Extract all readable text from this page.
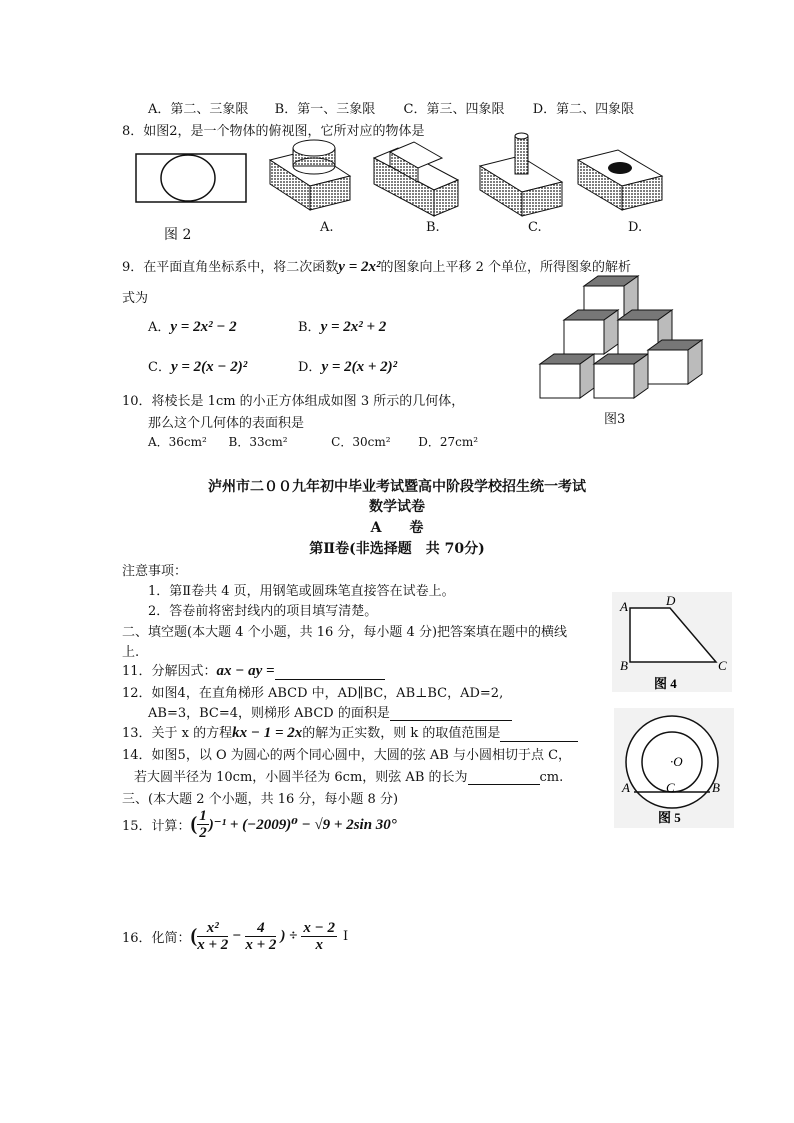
A．第二、三象限 B．第一、三象限 C．第三、四象限 D．第二、四象限
8．如图2，是一个物体的俯视图，它所对应的物体是
图 2	A.	B.	C.	D.
9．在平面直角坐标系中，将二次函数y = 2x²的图象向上平移 2 个单位，所得图象的解析
式为
A．y = 2x² − 2	B．y = 2x² + 2
C．y = 2(x − 2)²	D．y = 2(x + 2)²
图3
10．将棱长是 1cm 的小正方体组成如图 3 所示的几何体，
那么这个几何体的表面积是
A．36cm² B．33cm²	C．30cm² D．27cm²
泸州市二００九年初中毕业考试暨高中阶段学校招生统一考试
数学试卷
A　　卷
第Ⅱ卷(非选择题　共 70分)
注意事项：
1．第Ⅱ卷共 4 页，用钢笔或圆珠笔直接答在试卷上。
2．答卷前将密封线内的项目填写清楚。
二、填空题(本大题 4 个小题，共 16 分，每小题 4 分)把答案填在题中的横线
上.
11．分解因式：ax − ay =
12．如图4，在直角梯形 ABCD 中，AD∥BC，AB⊥BC，AD=2,
AB=3，BC=4，则梯形 ABCD 的面积是
13．关于 x 的方程kx − 1 = 2x的解为正实数，则 k 的取值范围是
14．如图5，以 O 为圆心的两个同心圆中，大圆的弦 AB 与小圆相切于点 C，
若大圆半径为 10cm，小圆半径为 6cm，则弦 AB 的长为	cm.
三、(本大题 2 个小题，共 16 分，每小题 8 分)
15．计算：( $\frac{1}{2} )^{-1} + (-2009)^0 - √9 + 2\sin$ 30°
16．化简：( $\frac{\text{x²}}{x + 2} - \frac{4}{x + 2}$ ) ÷ $\frac{x - 2}{x}$ I
A	D
B	C
图 4
·O
A	C	B
图 5
